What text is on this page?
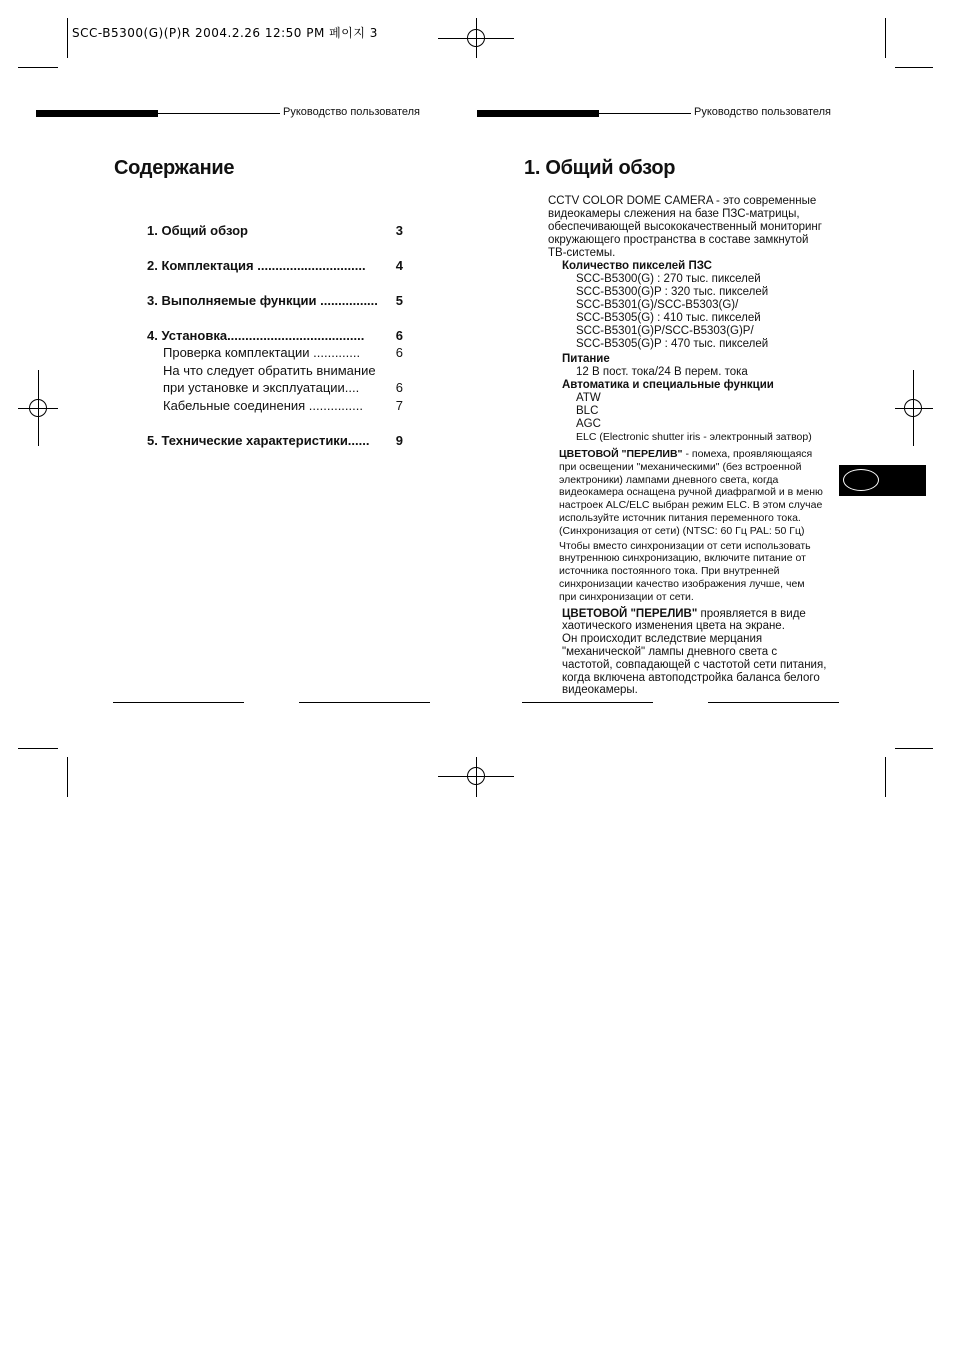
SCC-B5300(G)(P)R 2004.2.26 12:50 PM 페이지 3
Руководство пользователя	Руководство пользователя
Содержание
1. Общий обзор	3
2. Комплектация .............................. 4
3. Выполняемые функции ................ 5
4. Установка...................................... 6
Проверка комплектации .............	6
На что следует обратить внимание
при установке и эксплуатации....	6
Кабельные соединения ...............	7
5. Технические характеристики...... 9
1. Общий обзор

CCTV COLOR DOME CAMERA - это современные

видеокамеры слежения на базе ПЗС-матрицы,

обеспечивающей высококачественный мониторинг

окружающего пространства в составе замкнутой

ТВ-системы.

Количество пикселей ПЗС

SCC-B5300(G) : 270 тыс. пикселей

SCC-B5300(G)P : 320 тыс. пикселей

SCC-B5301(G)/SCC-B5303(G)/

SCC-B5305(G) : 410 тыс. пикселей

SCC-B5301(G)P/SCC-B5303(G)P/

SCC-B5305(G)P : 470 тыс. пикселей

Питание

12 В пост. тока/24 В перем. тока

Автоматика и специальные функции

ATW

BLC

AGC

ELC (Electronic shutter iris - электронный затвор)

ЦВЕТОВОЙ "ПЕРЕЛИВ" - помеха, проявляющаяся

при освещении "механическими" (без встроенной

электроники) лампами дневного света, когда

видеокамера оснащена ручной диафрагмой и в меню

настроек ALC/ELC выбран режим ELC. В этом случае

используйте источник питания переменного тока.

(Синхронизация от сети) (NTSC: 60 Гц PAL: 50 Гц)

Чтобы вместо синхронизации от сети использовать

внутреннюю синхронизацию, включите питание от

источника постоянного тока. При внутренней

синхронизации качество изображения лучше, чем

при синхронизации от сети.

ЦВЕТОВОЙ "ПЕРЕЛИВ" проявляется в виде

хаотического изменения цвета на экране.

Он происходит вследствие мерцания

"механической" лампы дневного света с

частотой, совпадающей с частотой сети питания,

когда включена автоподстройка баланса белого

видеокамеры.
